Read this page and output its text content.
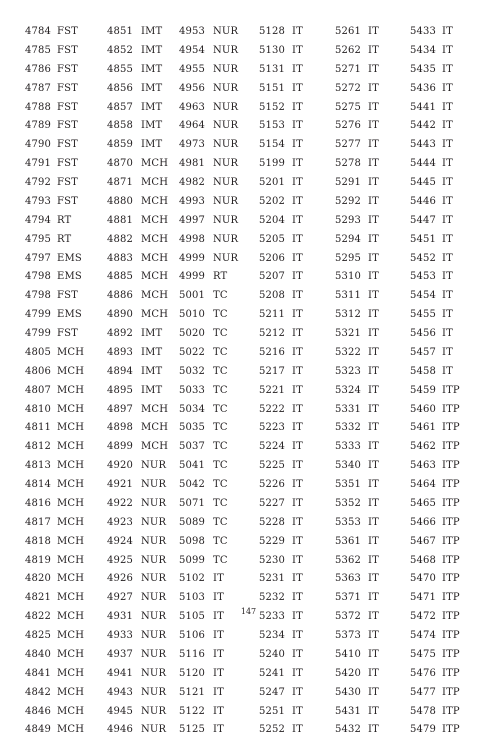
4784 FST	4851 IMT	4953 NUR	5128 IT	5261 IT	5433 IT
4785 FST	4852 IMT	4954 NUR	5130 IT	5262 IT	5434 IT
4786 FST	4855 IMT	4955 NUR	5131 IT	5271 IT	5435 IT
4787 FST	4856 IMT	4956 NUR	5151 IT	5272 IT	5436 IT
4788 FST	4857 IMT	4963 NUR	5152 IT	5275 IT	5441 IT
4789 FST	4858 IMT	4964 NUR	5153 IT	5276 IT	5442 IT
4790 FST	4859 IMT	4973 NUR	5154 IT	5277 IT	5443 IT
4791 FST	4870 MCH	4981 NUR	5199 IT	5278 IT	5444 IT
4792 FST	4871 MCH	4982 NUR	5201 IT	5291 IT	5445 IT
4793 FST	4880 MCH	4993 NUR	5202 IT	5292 IT	5446 IT
4794 RT	4881 MCH	4997 NUR	5204 IT	5293 IT	5447 IT
4795 RT	4882 MCH	4998 NUR	5205 IT	5294 IT	5451 IT
4797 EMS	4883 MCH	4999 NUR	5206 IT	5295 IT	5452 IT
4798 EMS	4885 MCH	4999 RT	5207 IT	5310 IT	5453 IT
4798 FST	4886 MCH	5001 TC	5208 IT	5311 IT	5454 IT
4799 EMS	4890 MCH	5010 TC	5211 IT	5312 IT	5455 IT
4799 FST	4892 IMT	5020 TC	5212 IT	5321 IT	5456 IT
4805 MCH	4893 IMT	5022 TC	5216 IT	5322 IT	5457 IT
4806 MCH	4894 IMT	5032 TC	5217 IT	5323 IT	5458 IT
4807 MCH	4895 IMT	5033 TC	5221 IT	5324 IT	5459 ITP
4810 MCH	4897 MCH	5034 TC	5222 IT	5331 IT	5460 ITP
4811 MCH	4898 MCH	5035 TC	5223 IT	5332 IT	5461 ITP
4812 MCH	4899 MCH	5037 TC	5224 IT	5333 IT	5462 ITP
4813 MCH	4920 NUR	5041 TC	5225 IT	5340 IT	5463 ITP
4814 MCH	4921 NUR	5042 TC	5226 IT	5351 IT	5464 ITP
4816 MCH	4922 NUR	5071 TC	5227 IT	5352 IT	5465 ITP
4817 MCH	4923 NUR	5089 TC	5228 IT	5353 IT	5466 ITP
4818 MCH	4924 NUR	5098 TC	5229 IT	5361 IT	5467 ITP
4819 MCH	4925 NUR	5099 TC	5230 IT	5362 IT	5468 ITP
4820 MCH	4926 NUR	5102 IT	5231 IT	5363 IT	5470 ITP
4821 MCH	4927 NUR	5103 IT	5232 IT	5371 IT	5471 ITP
4822 MCH	4931 NUR	5105 IT	5233 IT	5372 IT	5472 ITP
4825 MCH	4933 NUR	5106 IT	5234 IT	5373 IT	5474 ITP
4840 MCH	4937 NUR	5116 IT	5240 IT	5410 IT	5475 ITP
4841 MCH	4941 NUR	5120 IT	5241 IT	5420 IT	5476 ITP
4842 MCH	4943 NUR	5121 IT	5247 IT	5430 IT	5477 ITP
4846 MCH	4945 NUR	5122 IT	5251 IT	5431 IT	5478 ITP
4849 MCH	4946 NUR	5125 IT	5252 IT	5432 IT	5479 ITP
147
